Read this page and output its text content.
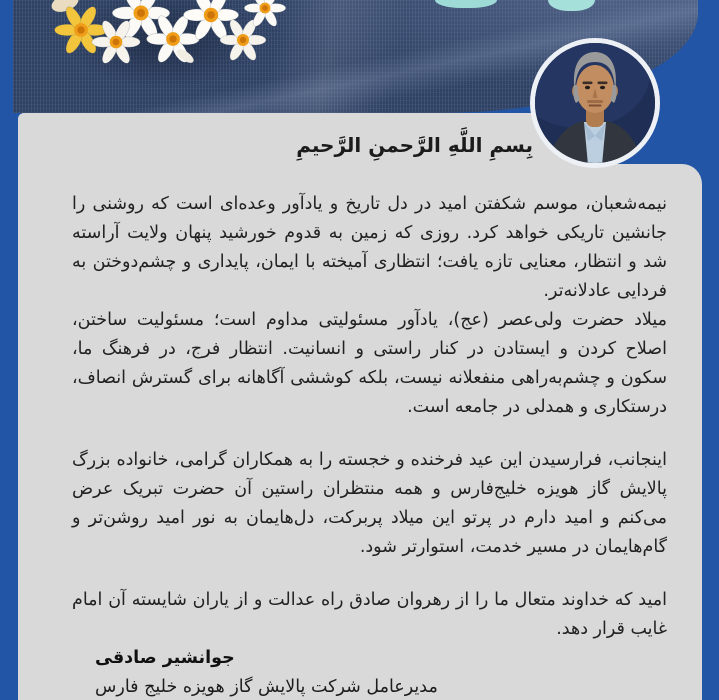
بِسمِ اللَّهِ الرَّحمنِ الرَّحیمِ

نیمه‌شعبان، موسم شکفتن امید در دل تاریخ و یادآور وعده‌ای است که روشنی را جانشین تاریکی خواهد کرد. روزی که زمین به قدوم خورشید پنهان ولایت آراسته شد و انتظار، معنایی تازه یافت؛ انتظاری آمیخته با ایمان، پایداری و چشم‌دوختن به فردایی عادلانه‌تر.

میلاد حضرت ولی‌عصر (عج)، یادآور مسئولیتی مداوم است؛ مسئولیت ساختن، اصلاح کردن و ایستادن در کنار راستی و انسانیت. انتظار فرج، در فرهنگ ما، سکون و چشم‌به‌راهی منفعلانه نیست، بلکه کوششی آگاهانه برای گسترش انصاف، درستکاری و همدلی در جامعه است.

اینجانب، فرارسیدن این عید فرخنده و خجسته را به همکاران گرامی، خانواده بزرگ پالایش گاز هویزه خلیج‌فارس و همه منتظران راستین آن حضرت تبریک عرض می‌کنم و امید دارم در پرتو این میلاد پربرکت، دل‌هایمان به نور امید روشن‌تر و گام‌هایمان در مسیر خدمت، استوارتر شود.

امید که خداوند متعال ما را از رهروان صادق راه عدالت و از یاران شایسته آن امام غایب قرار دهد.

جوانشیر صادقی
مدیرعامل شرکت پالایش گاز هویزه خلیج فارس
